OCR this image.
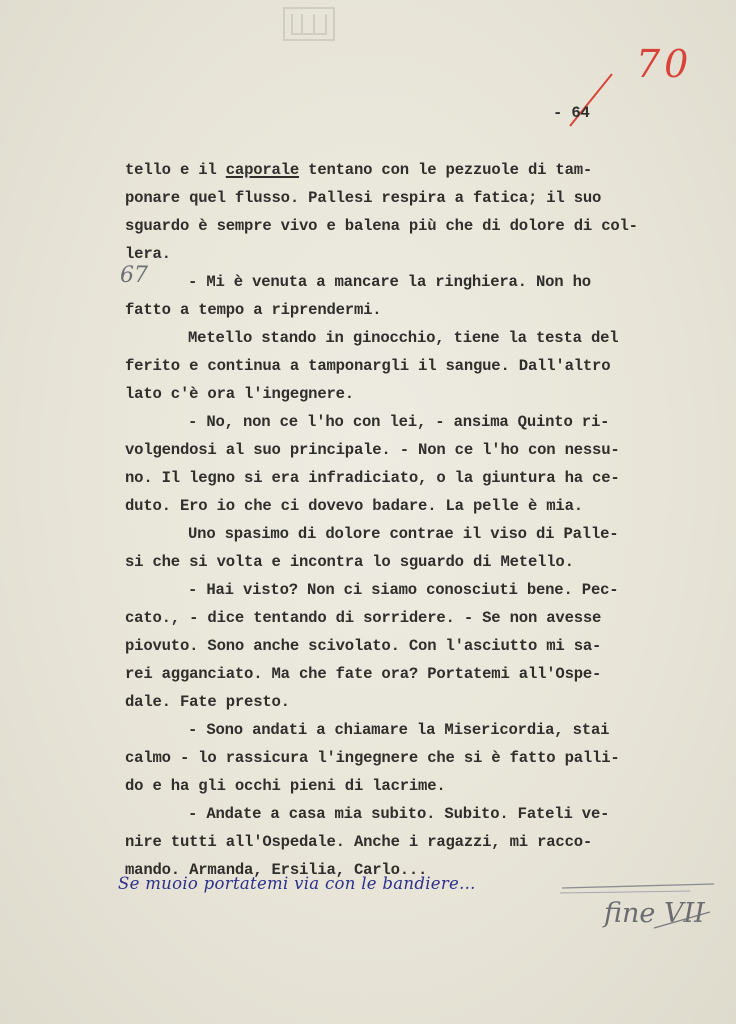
70
- 64
67
tello e il caporale tentano con le pezzuole di tam-
ponare quel flusso. Pallesi respira a fatica; il suo
sguardo è sempre vivo e balena più che di dolore di col-
lera.
- Mi è venuta a mancare la ringhiera. Non ho
fatto a tempo a riprendermi.
Metello stando in ginocchio, tiene la testa del
ferito e continua a tamponargli il sangue. Dall'altro
lato c'è ora l'ingegnere.
- No, non ce l'ho con lei, - ansima Quinto ri-
volgendosi al suo principale. - Non ce l'ho con nessu-
no. Il legno si era infradiciato, o la giuntura ha ce-
duto. Ero io che ci dovevo badare. La pelle è mia.
Uno spasimo di dolore contrae il viso di Palle-
si che si volta e incontra lo sguardo di Metello.
- Hai visto? Non ci siamo conosciuti bene. Pec-
cato., - dice tentando di sorridere. - Se non avesse
piovuto. Sono anche scivolato. Con l'asciutto mi sa-
rei agganciato. Ma che fate ora? Portatemi all'Ospe-
dale. Fate presto.
- Sono andati a chiamare la Misericordia, stai
calmo - lo rassicura l'ingegnere che si è fatto palli-
do e ha gli occhi pieni di lacrime.
- Andate a casa mia subito. Subito. Fateli ve-
nire tutti all'Ospedale. Anche i ragazzi, mi racco-
mando. Armanda, Ersilia, Carlo...
Se muoio portatemi via con le bandiere...
fine VII
